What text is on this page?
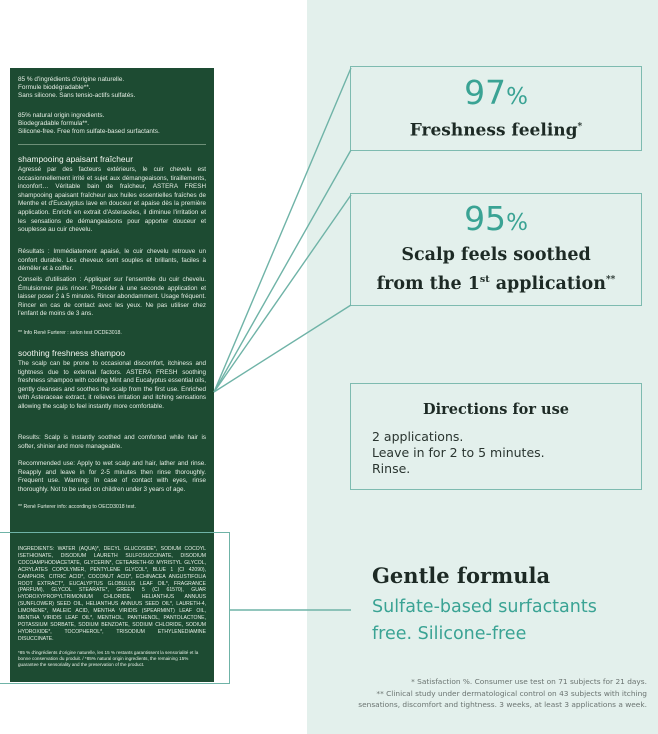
85 % d'ingrédients d'origine naturelle.
Formule biodégradable**.
Sans silicone. Sans tensio-actifs sulfatés.
85% natural origin ingredients.
Biodegradable formula**.
Silicone-free. Free from sulfate-based surfactants.
shampooing apaisant fraîcheur
Agressé par des facteurs extérieurs, le cuir chevelu est occasionnellement irrité et sujet aux démangeaisons, tiraillements, inconfort… Véritable bain de fraîcheur, ASTERA FRESH shampooing apaisant fraîcheur aux huiles essentielles fraîches de Menthe et d'Eucalyptus lave en douceur et apaise dès la première application. Enrichi en extrait d'Asteracées, il diminue l'irritation et les sensations de démangeaisons pour apporter douceur et souplesse au cuir chevelu.
Résultats : Immédiatement apaisé, le cuir chevelu retrouve un confort durable. Les cheveux sont souples et brillants, faciles à démêler et à coiffer.
Conseils d'utilisation : Appliquer sur l'ensemble du cuir chevelu. Émulsionner puis rincer. Procéder à une seconde application et laisser poser 2 à 5 minutes. Rincer abondamment. Usage fréquent. Rincer en cas de contact avec les yeux. Ne pas utiliser chez l'enfant de moins de 3 ans.
** Info René Furterer : selon test OCDE3018.
soothing freshness shampoo
The scalp can be prone to occasional discomfort, itchiness and tightness due to external factors. ASTERA FRESH soothing freshness shampoo with cooling Mint and Eucalyptus essential oils, gently cleanses and soothes the scalp from the first use. Enriched with Asteraceae extract, it relieves irritation and itching sensations allowing the scalp to feel instantly more comfortable.
Results: Scalp is instantly soothed and comforted while hair is softer, shinier and more manageable.
Recommended use: Apply to wet scalp and hair, lather and rinse. Reapply and leave in for 2-5 minutes then rinse thoroughly. Frequent use. Warning: In case of contact with eyes, rinse thoroughly. Not to be used on children under 3 years of age.
** René Furterer info: according to OECD3018 test.
INGREDIENTS: WATER (AQUA)*, DECYL GLUCOSIDE*, SODIUM COCOYL ISETHIONATE, DISODIUM LAURETH SULFOSUCCINATE, DISODIUM COCOAMPHODIACETATE, GLYCERIN*, CETEARETH-60 MYRISTYL GLYCOL, ACRYLATES COPOLYMER, PENTYLENE GLYCOL*, BLUE 1 (CI 42090), CAMPHOR, CITRIC ACID*, COCONUT ACID*, ECHINACEA ANGUSTIFOLIA ROOT EXTRACT*, EUCALYPTUS GLOBULUS LEAF OIL*, FRAGRANCE (PARFUM), GLYCOL STEARATE*, GREEN 5 (CI 61570), GUAR HYDROXYPROPYLTRIMONIUM CHLORIDE, HELIANTHUS ANNUUS (SUNFLOWER) SEED OIL, HELIANTHUS ANNUUS SEED OIL*, LAURETH-4, LIMONENE*, MALEIC ACID, MENTHA VIRIDIS (SPEARMINT) LEAF OIL, MENTHA VIRIDIS LEAF OIL*, MENTHOL, PANTHENOL, PANTOLACTONE, POTASSIUM SORBATE, SODIUM BENZOATE, SODIUM CHLORIDE, SODIUM HYDROXIDE*, TOCOPHEROL*, TRISODIUM ETHYLENEDIAMINE DISUCCINATE.
*85 % d'ingrédients d'origine naturelle, les 15 % restants garantissent la sensorialité et la bonne conservation du produit. / *85% natural origin ingredients, the remaining 15% guarantee the sensoriality and the preservation of the product.
97%
Freshness feeling*
95%
Scalp feels soothed
from the 1st application**
Directions for use
2 applications.
Leave in for 2 to 5 minutes.
Rinse.
Gentle formula
Sulfate-based surfactants
free. Silicone-free
* Satisfaction %. Consumer use test on 71 subjects for 21 days.
** Clinical study under dermatological control on 43 subjects with itching
sensations, discomfort and tightness. 3 weeks, at least 3 applications a week.
